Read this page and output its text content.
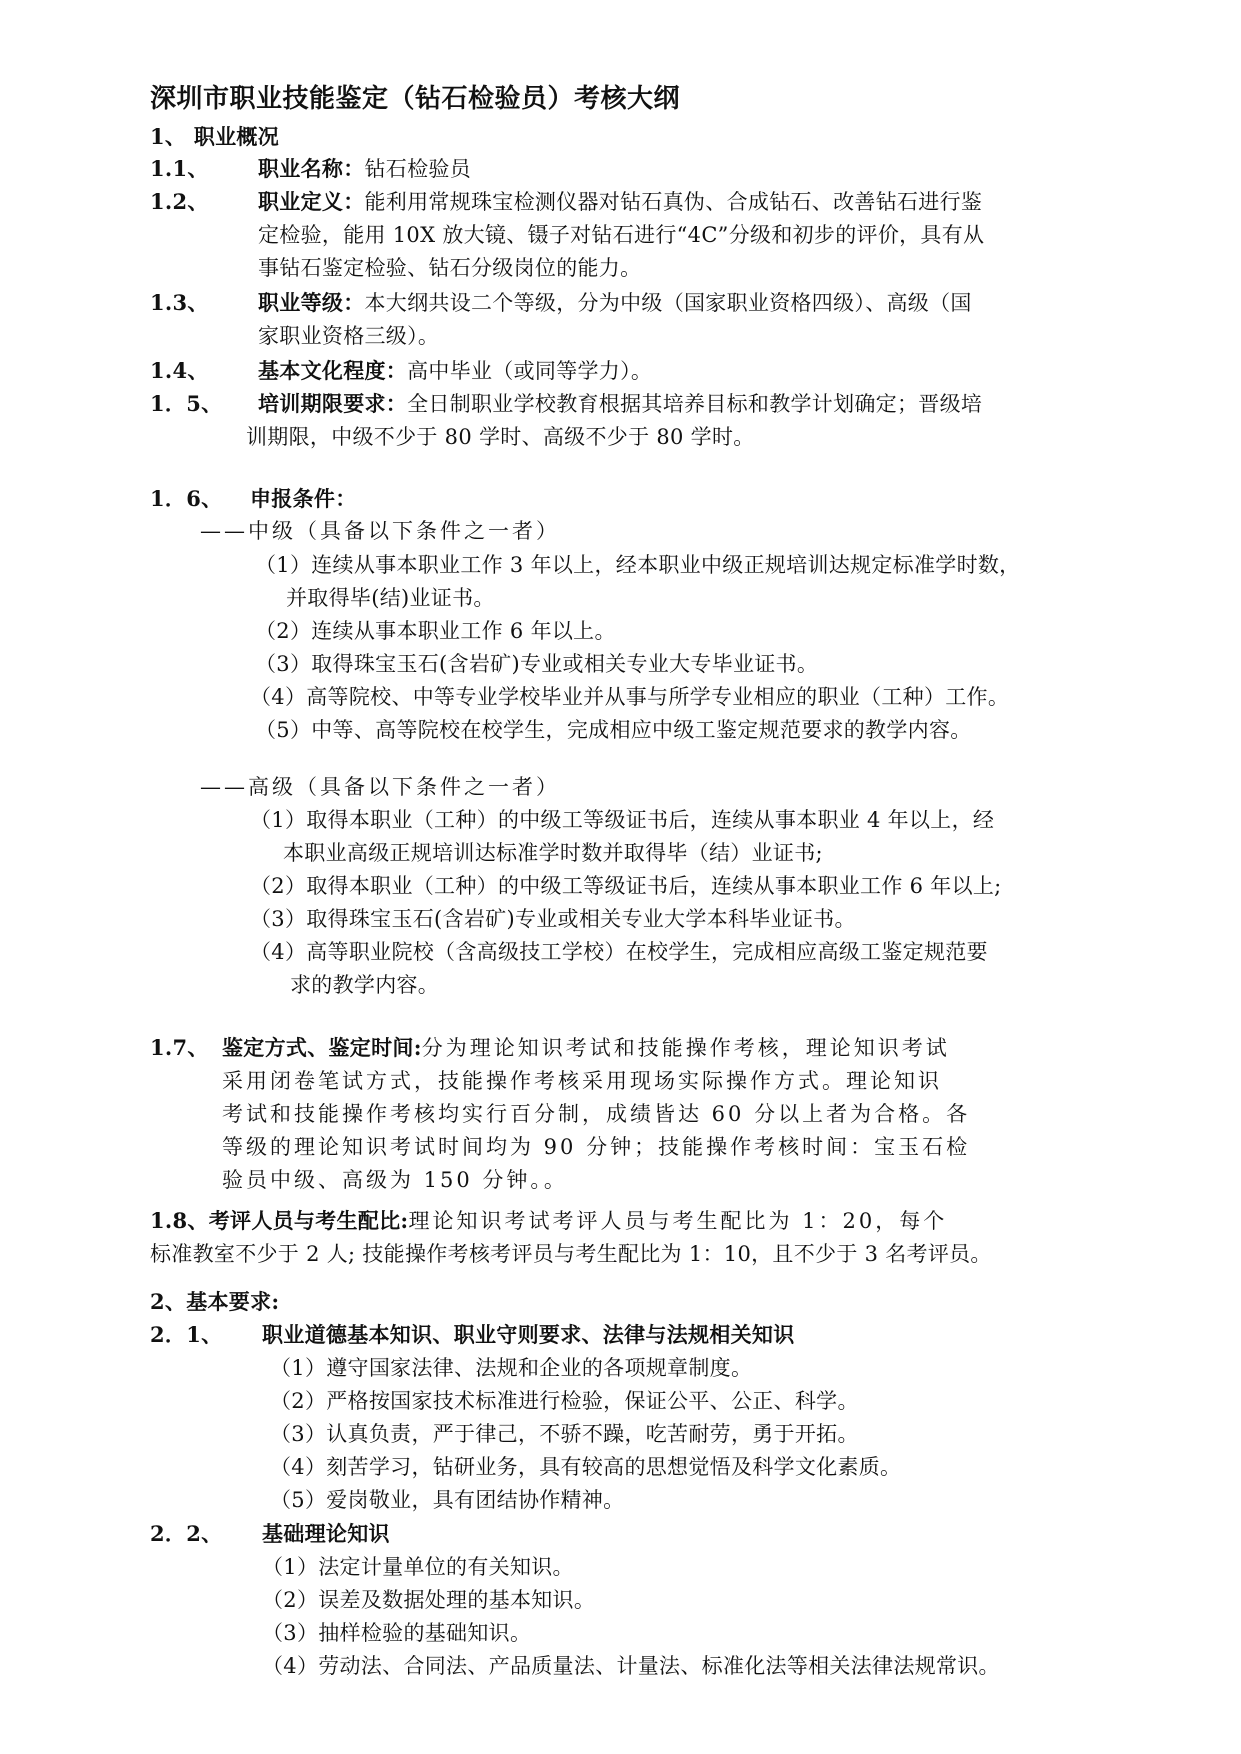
深圳市职业技能鉴定（钻石检验员）考核大纲
1、 职业概况
1.1、 职业名称：钻石检验员
1.2、 职业定义：能利用常规珠宝检测仪器对钻石真伪、合成钻石、改善钻石进行鉴
定检验，能用 10X 放大镜、镊子对钻石进行“4C”分级和初步的评价，具有从
事钻石鉴定检验、钻石分级岗位的能力。
1.3、 职业等级：本大纲共设二个等级，分为中级（国家职业资格四级）、高级（国
家职业资格三级）。
1.4、 基本文化程度：高中毕业（或同等学力）。
1．5、 培训期限要求：全日制职业学校教育根据其培养目标和教学计划确定；晋级培
训期限，中级不少于 80 学时、高级不少于 80 学时。
1．6、 申报条件：
——中级（具备以下条件之一者）
（1）连续从事本职业工作 3 年以上，经本职业中级正规培训达规定标准学时数，
并取得毕(结)业证书。
（2）连续从事本职业工作 6 年以上。
（3）取得珠宝玉石(含岩矿)专业或相关专业大专毕业证书。
（4）高等院校、中等专业学校毕业并从事与所学专业相应的职业（工种）工作。
（5）中等、高等院校在校学生，完成相应中级工鉴定规范要求的教学内容。
——高级（具备以下条件之一者）
（1）取得本职业（工种）的中级工等级证书后，连续从事本职业 4 年以上，经
本职业高级正规培训达标准学时数并取得毕（结）业证书;
（2）取得本职业（工种）的中级工等级证书后，连续从事本职业工作 6 年以上;
（3）取得珠宝玉石(含岩矿)专业或相关专业大学本科毕业证书。
（4）高等职业院校（含高级技工学校）在校学生，完成相应高级工鉴定规范要
求的教学内容。
1.7、 鉴定方式、鉴定时间:分为理论知识考试和技能操作考核，理论知识考试
采用闭卷笔试方式，技能操作考核采用现场实际操作方式。理论知识
考试和技能操作考核均实行百分制，成绩皆达 60 分以上者为合格。各
等级的理论知识考试时间均为 90 分钟；技能操作考核时间：宝玉石检
验员中级、高级为 150 分钟。。
1.8、考评人员与考生配比:理论知识考试考评人员与考生配比为 1：20，每个
标准教室不少于 2 人; 技能操作考核考评员与考生配比为 1：10，且不少于 3 名考评员。
2、基本要求:
2．1、 职业道德基本知识、职业守则要求、法律与法规相关知识
（1）遵守国家法律、法规和企业的各项规章制度。
（2）严格按国家技术标准进行检验，保证公平、公正、科学。
（3）认真负责，严于律己，不骄不躁，吃苦耐劳，勇于开拓。
（4）刻苦学习，钻研业务，具有较高的思想觉悟及科学文化素质。
（5）爱岗敬业，具有团结协作精神。
2．2、 基础理论知识
（1）法定计量单位的有关知识。
（2）误差及数据处理的基本知识。
（3）抽样检验的基础知识。
（4）劳动法、合同法、产品质量法、计量法、标准化法等相关法律法规常识。
